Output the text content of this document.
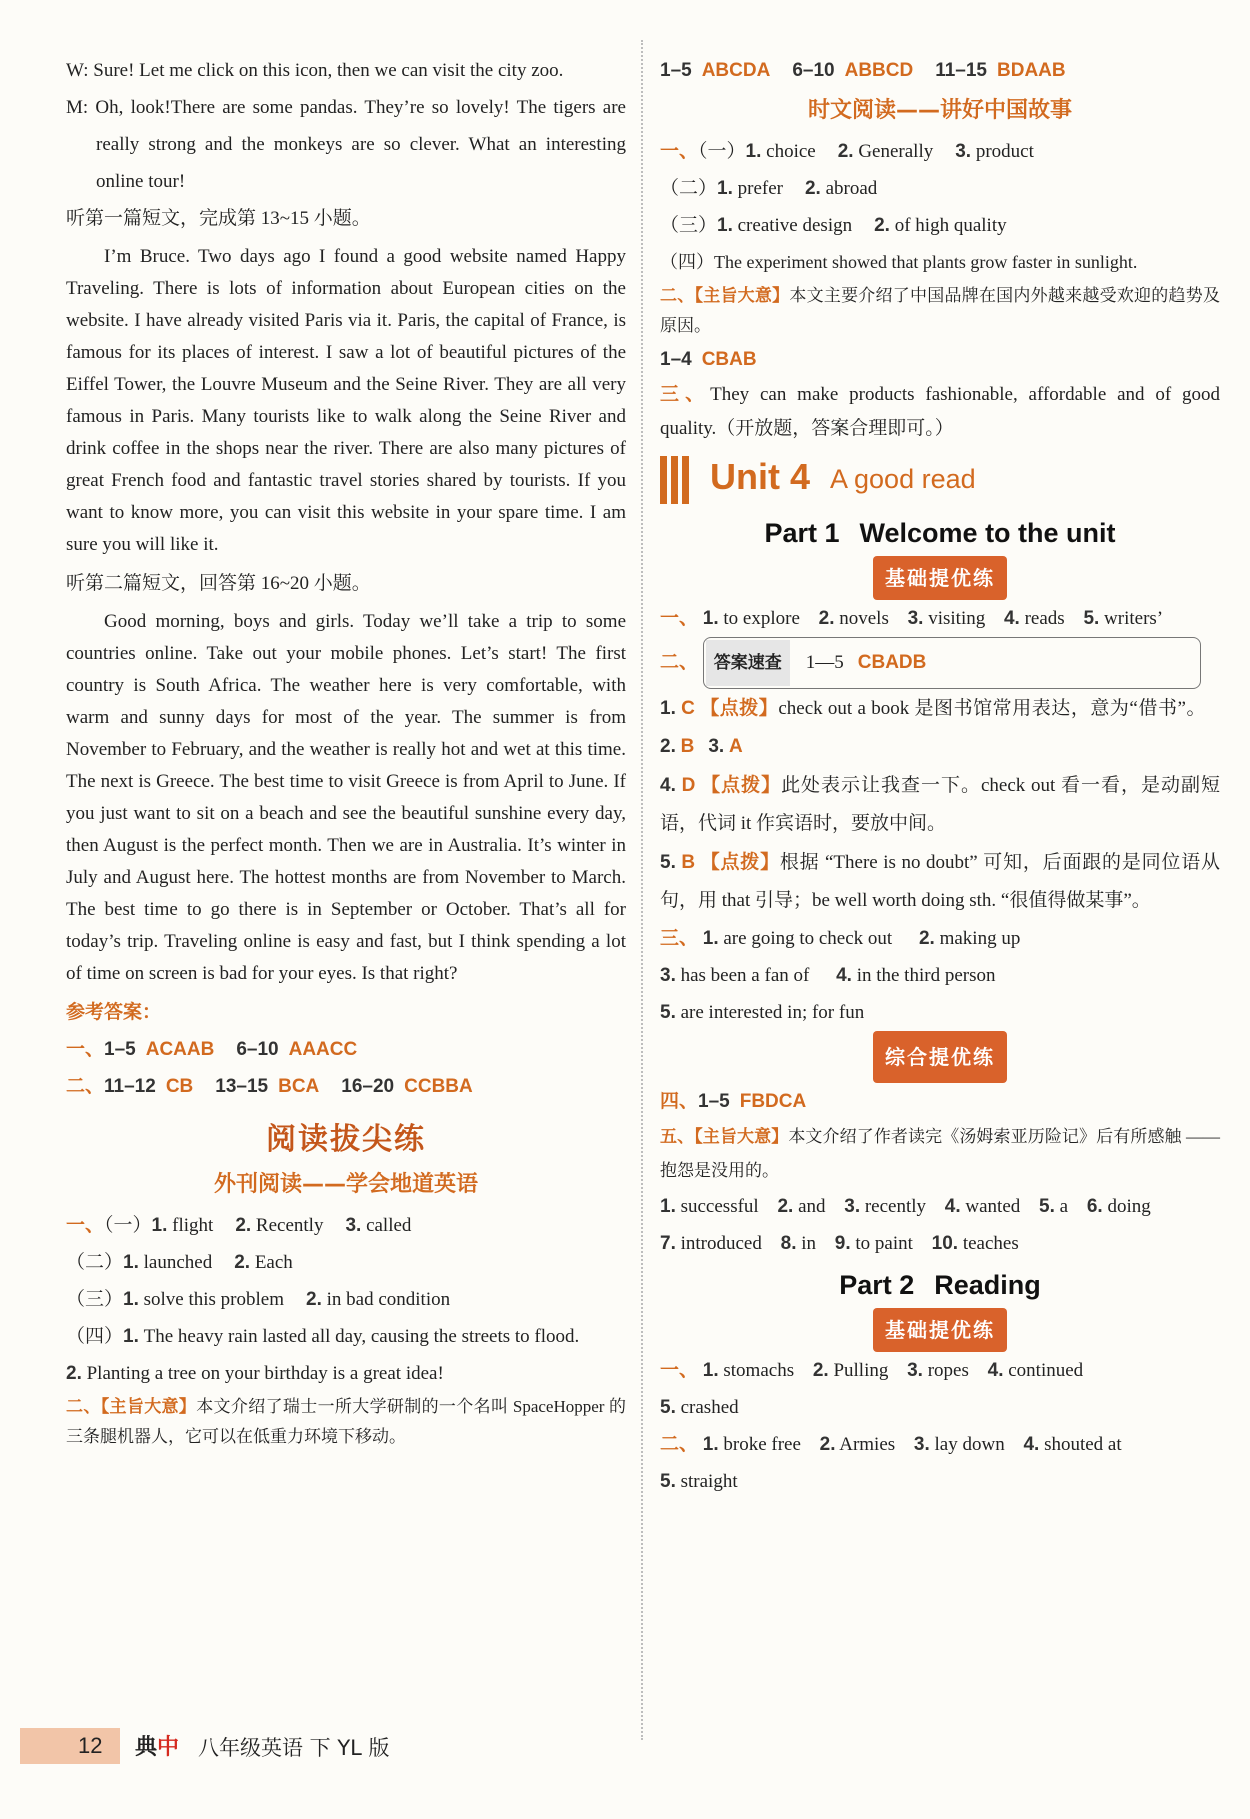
W: Sure! Let me click on this icon, then we can visit the city zoo.
M: Oh, look!There are some pandas. They’re so lovely! The tigers are really strong and the monkeys are so clever. What an interesting online tour!
听第一篇短文，完成第 13~15 小题。
I’m Bruce. Two days ago I found a good website named Happy Traveling. There is lots of information about European cities on the website. I have already visited Paris via it. Paris, the capital of France, is famous for its places of interest. I saw a lot of beautiful pictures of the Eiffel Tower, the Louvre Museum and the Seine River. They are all very famous in Paris. Many tourists like to walk along the Seine River and drink coffee in the shops near the river. There are also many pictures of great French food and fantastic travel stories shared by tourists. If you want to know more, you can visit this website in your spare time. I am sure you will like it.
听第二篇短文，回答第 16~20 小题。
Good morning, boys and girls. Today we’ll take a trip to some countries online. Take out your mobile phones. Let’s start! The first country is South Africa. The weather here is very comfortable, with warm and sunny days for most of the year. The summer is from November to February, and the weather is really hot and wet at this time. The next is Greece. The best time to visit Greece is from April to June. If you just want to sit on a beach and see the beautiful sunshine every day, then August is the perfect month. Then we are in Australia. It’s winter in July and August here. The hottest months are from November to March. The best time to go there is in September or October. That’s all for today’s trip. Traveling online is easy and fast, but I think spending a lot of time on screen is bad for your eyes. Is that right?
参考答案：
一、1–5 ACAAB 6–10 AAACC
二、11–12 CB 13–15 BCA 16–20 CCBBA
阅读拔尖练
外刊阅读——学会地道英语
一、（一）1. flight 2. Recently 3. called
（二）1. launched 2. Each
（三）1. solve this problem 2. in bad condition
（四）1. The heavy rain lasted all day, causing the streets to flood.
2. Planting a tree on your birthday is a great idea!
二、【主旨大意】本文介绍了瑞士一所大学研制的一个名叫 SpaceHopper 的三条腿机器人，它可以在低重力环境下移动。
1–5 ABCDA 6–10 ABBCD 11–15 BDAAB
时文阅读——讲好中国故事
一、（一）1. choice 2. Generally 3. product
（二）1. prefer 2. abroad
（三）1. creative design 2. of high quality
（四）The experiment showed that plants grow faster in sunlight.
二、【主旨大意】本文主要介绍了中国品牌在国内外越来越受欢迎的趋势及原因。
1–4 CBAB
三、They can make products fashionable, affordable and of good quality.（开放题，答案合理即可。）
Unit 4 A good read
Part 1 Welcome to the unit
基础提优练
一、 1. to explore 2. novels 3. visiting 4. reads 5. writers’
二、 答案速查 1—5 CBADB
1. C 【点拨】check out a book 是图书馆常用表达，意为“借书”。2. B 3. A
4. D 【点拨】此处表示让我查一下。check out 看一看，是动副短语，代词 it 作宾语时，要放中间。
5. B 【点拨】根据 “There is no doubt” 可知，后面跟的是同位语从句，用 that 引导；be well worth doing sth. “很值得做某事”。
三、 1. are going to check out 2. making up
3. has been a fan of 4. in the third person
5. are interested in; for fun
综合提优练
四、1–5 FBDCA
五、【主旨大意】本文介绍了作者读完《汤姆索亚历险记》后有所感触 —— 抱怨是没用的。
1. successful 2. and 3. recently 4. wanted 5. a 6. doing
7. introduced 8. in 9. to paint 10. teaches
Part 2 Reading
基础提优练
一、 1. stomachs 2. Pulling 3. ropes 4. continued
5. crashed
二、 1. broke free 2. Armies 3. lay down 4. shouted at
5. straight
12	典中 八年级英语 下 YL 版
